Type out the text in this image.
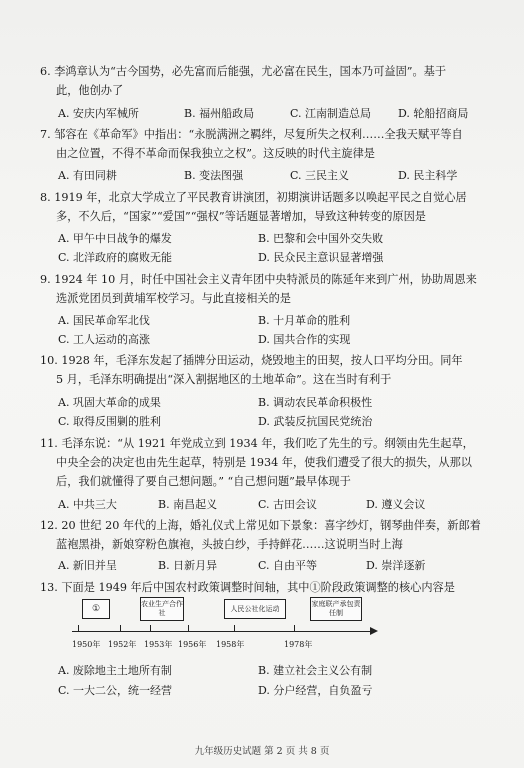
6. 李鸿章认为“古今国势，必先富而后能强，尤必富在民生，国本乃可益固”。基于
此，他创办了
A. 安庆内军械所	B. 福州船政局	C. 江南制造总局 D. 轮船招商局
7. 邹容在《革命军》中指出：“永脱满洲之羁绊，尽复所失之权利……全我天赋平等自
由之位置，不得不革命而保我独立之权”。这反映的时代主旋律是
A. 有田同耕	B. 变法图强	C. 三民主义	D. 民主科学
8. 1919 年，北京大学成立了平民教育讲演团，初期演讲话题多以唤起平民之自觉心居
多，不久后，“国家”“爱国”“强权”等话题显著增加，导致这种转变的原因是
A. 甲午中日战争的爆发	B. 巴黎和会中国外交失败
C. 北洋政府的腐败无能	D. 民众民主意识显著增强
9. 1924 年 10 月，时任中国社会主义青年团中央特派员的陈延年来到广州，协助周恩来
选派党团员到黄埔军校学习。与此直接相关的是
A. 国民革命军北伐	B. 十月革命的胜利
C. 工人运动的高涨	D. 国共合作的实现
10. 1928 年，毛泽东发起了插牌分田运动，烧毁地主的田契，按人口平均分田。同年
5 月，毛泽东明确提出“深入割据地区的土地革命”。这在当时有利于
A. 巩固大革命的成果	B. 调动农民革命积极性
C. 取得反围剿的胜利	D. 武装反抗国民党统治
11. 毛泽东说：“从 1921 年党成立到 1934 年，我们吃了先生的亏。纲领由先生起草，
中央全会的决定也由先生起草，特别是 1934 年，使我们遭受了很大的损失，从那以
后，我们就懂得了要自己想问题。” “自己想问题”最早体现于
A. 中共三大	B. 南昌起义	C. 古田会议	D. 遵义会议
12. 20 世纪 20 年代的上海，婚礼仪式上常见如下景象：喜字纱灯，钢琴曲伴奏，新郎着
蓝袍黑褂，新娘穿粉色旗袍，头披白纱，手持鲜花……这说明当时上海
A. 新旧并呈	B. 日新月异	C. 自由平等	D. 崇洋逐新
13. 下面是 1949 年后中国农村政策调整时间轴，其中①阶段政策调整的核心内容是
①	农业生产合作社
人民公社化运动
家庭联产承包责任制
1950年 1952年 1953年 1956年 1958年	1978年
A. 废除地主土地所有制	B. 建立社会主义公有制
C. 一大二公，统一经营	D. 分户经营，自负盈亏
九年级历史试题 第 2 页 共 8 页
